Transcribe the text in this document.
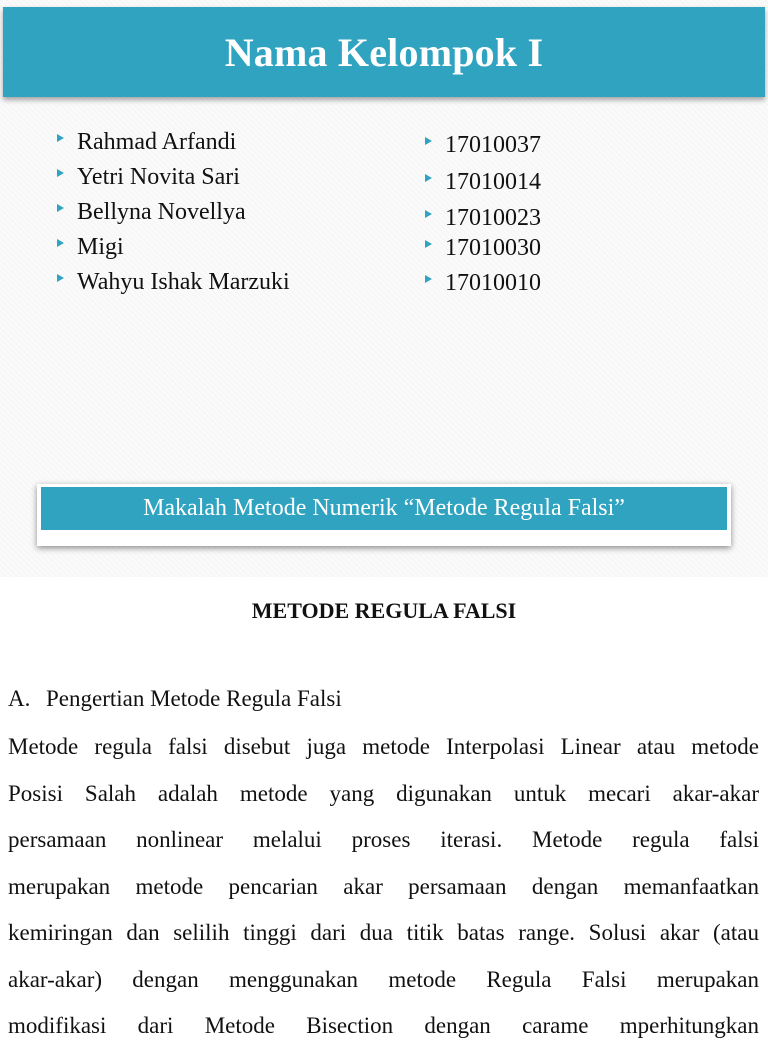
Nama Kelompok I
Rahmad Arfandi
Yetri Novita Sari
Bellyna Novellya
Migi
Wahyu Ishak Marzuki
17010037
17010014
17010023
17010030
17010010
Makalah Metode Numerik “Metode Regula Falsi”
METODE REGULA FALSI
A. Pengertian Metode Regula Falsi
Metode regula falsi disebut juga metode Interpolasi Linear atau metode
Posisi Salah adalah metode yang digunakan untuk mecari akar-akar
persamaan nonlinear melalui proses iterasi. Metode regula falsi
merupakan metode pencarian akar persamaan dengan memanfaatkan
kemiringan dan selilih tinggi dari dua titik batas range. Solusi akar (atau
akar-akar) dengan menggunakan metode Regula Falsi merupakan
modifikasi dari Metode Bisection dengan carame mperhitungkan
